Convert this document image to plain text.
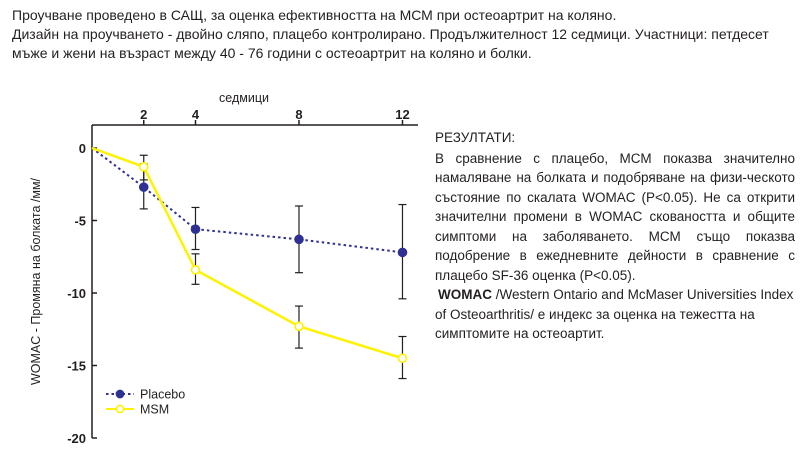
Проучване проведено в САЩ, за оценка ефективността на МСМ при остеоартрит на коляно.
Дизайн на проучването - двойно сляпо, плацебо контролирано. Продължителност 12 седмици. Участници: петдесет
мъже и жени на възраст между 40 - 76 години с остеоартрит на коляно и болки.
2	4	8	12
седмици
0
-5
-10
-15
-20
WOMAC - Промяна на болката /мм/
Placebo
MSM
РЕЗУЛТАТИ:
В сравнение с плацебо, МСМ показва значително намаляване на болката и подобряване на физи-ческото състояние по скалата WOMAC (P<0.05). Не са открити значителни промени в WOMAC сковаността и общите симптоми на заболяването. МСМ също показва подобрение в ежедневните дейности в сравнение с плацебо SF-36 оценка (P<0.05).
WOMAC /Western Ontario and McMaser Universities Index of Osteoarthritis/ е индекс за оценка на тежестта на симптомите на остеоартит.
